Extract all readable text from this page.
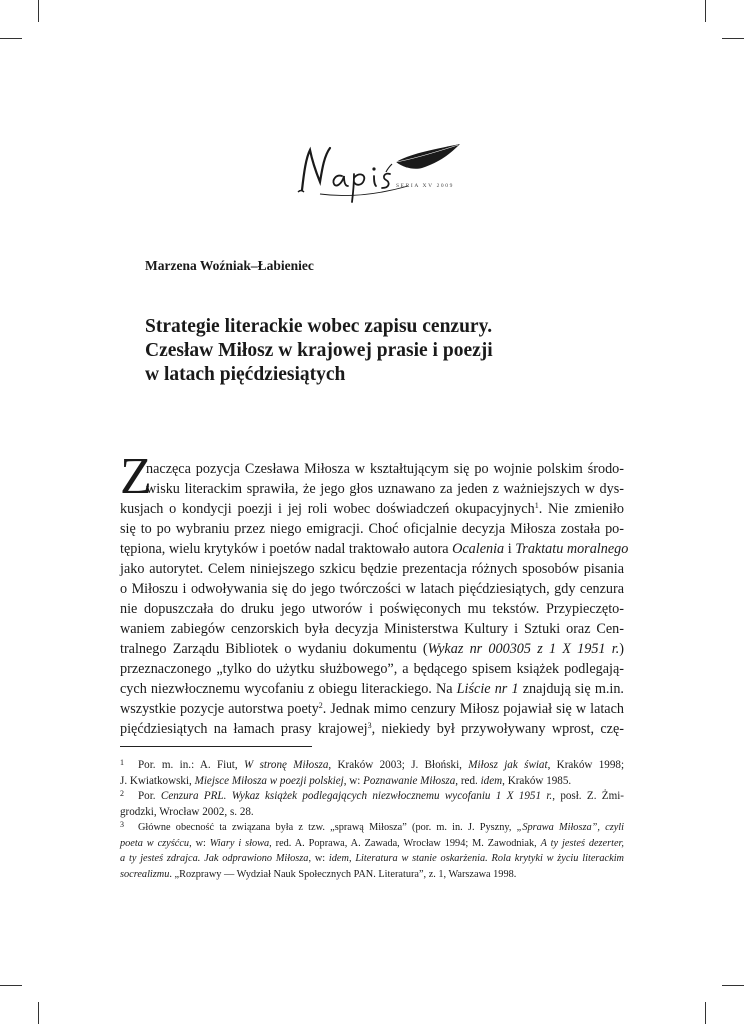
SERIA XV 2009

Marzena Woźniak–Łabieniec

Strategie literackie wobec zapisu cenzury.
Czesław Miłosz w krajowej prasie i poezji
w latach pięćdziesiątych
Z
naczęca pozycja Czesława Miłosza w kształtującym się po wojnie polskim środo-
wisku literackim sprawiła, że jego głos uznawano za jeden z ważniejszych w dys-
kusjach o kondycji poezji i jej roli wobec doświadczeń okupacyjnych$^1$. Nie zmieniło
się to po wybraniu przez niego emigracji. Choć oficjalnie decyzja Miłosza została po-
tępiona, wielu krytyków i poetów nadal traktowało autora Ocalenia i Traktatu moralnego
jako autorytet. Celem niniejszego szkicu będzie prezentacja różnych sposobów pisania
o Miłoszu i odwoływania się do jego twórczości w latach pięćdziesiątych, gdy cenzura
nie dopuszczała do druku jego utworów i poświęconych mu tekstów. Przypieczęto-
waniem zabiegów cenzorskich była decyzja Ministerstwa Kultury i Sztuki oraz Cen-
tralnego Zarządu Bibliotek o wydaniu dokumentu (Wykaz nr 000305 z 1 X 1951 r.)
przeznaczonego „tylko do użytku służbowego”, a będącego spisem książek podlegają-
cych niezwłocznemu wycofaniu z obiegu literackiego. Na Liście nr 1 znajdują się m.in.
wszystkie pozycje autorstwa poety$^2$. Jednak mimo cenzury Miłosz pojawiał się w latach
pięćdziesiątych na łamach prasy krajowej$^3$, niekiedy był przywoływany wprost, czę-
1 Por. m. in.: A. Fiut, W stronę Miłosza, Kraków 2003; J. Błoński, Miłosz jak świat, Kraków 1998;
J. Kwiatkowski, Miejsce Miłosza w poezji polskiej, w: Poznawanie Miłosza, red. idem, Kraków 1985.
2 Por. Cenzura PRL. Wykaz książek podlegających niezwłocznemu wycofaniu 1 X 1951 r., posł. Z. Żmi-
grodzki, Wrocław 2002, s. 28.
3 Główne obecność ta związana była z tzw. „sprawą Miłosza” (por. m. in. J. Pyszny, „Sprawa Miłosza”, czyli
poeta w czyśćcu, w: Wiary i słowa, red. A. Poprawa, A. Zawada, Wrocław 1994; M. Zawodniak, A ty jesteś dezerter,
a ty jesteś zdrajca. Jak odprawiono Miłosza, w: idem, Literatura w stanie oskarżenia. Rola krytyki w życiu literackim
socrealizmu. „Rozprawy — Wydział Nauk Społecznych PAN. Literatura”, z. 1, Warszawa 1998.
